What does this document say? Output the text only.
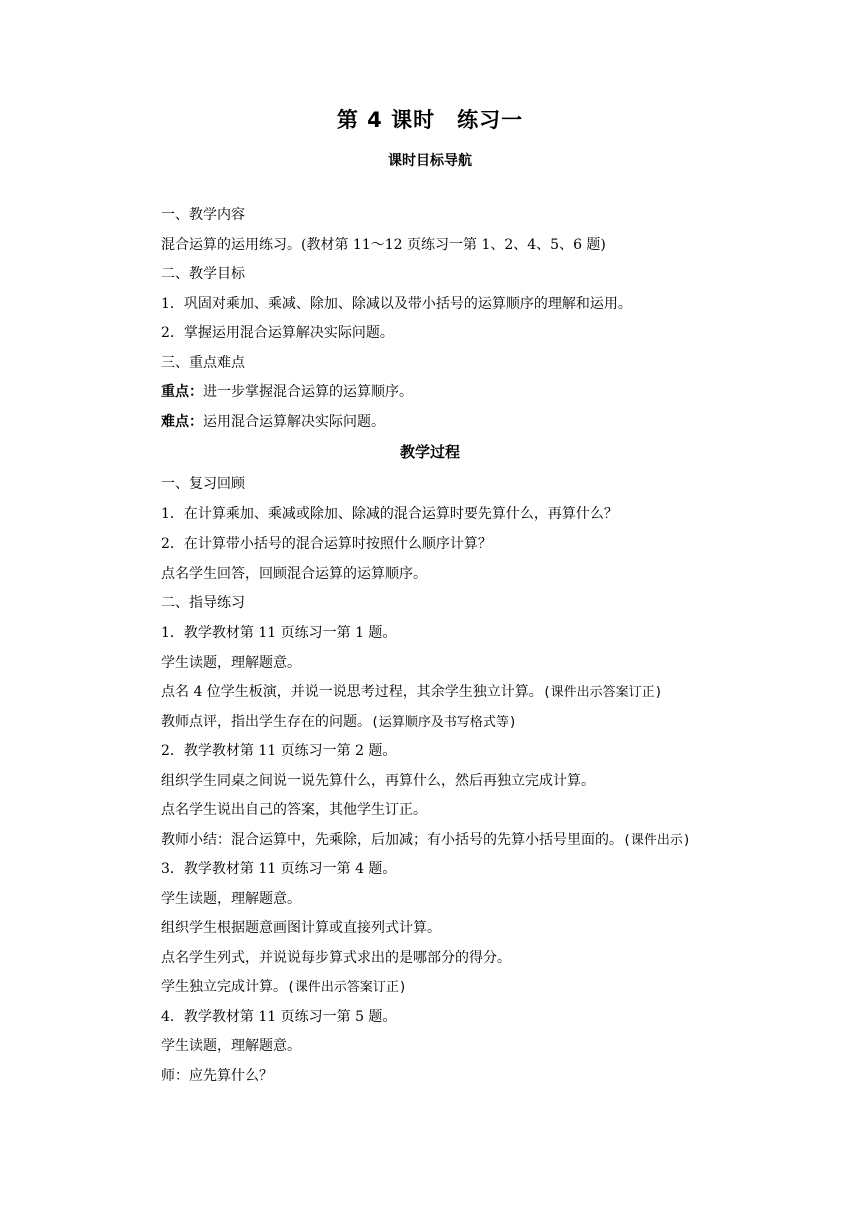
第 4 课时　练习一
课时目标导航
一、教学内容
混合运算的运用练习。(教材第 11～12 页练习一第 1、2、4、5、6 题)
二、教学目标
1．巩固对乘加、乘减、除加、除减以及带小括号的运算顺序的理解和运用。
2．掌握运用混合运算解决实际问题。
三、重点难点
重点：进一步掌握混合运算的运算顺序。
难点：运用混合运算解决实际问题。
教学过程
一、复习回顾
1．在计算乘加、乘减或除加、除减的混合运算时要先算什么，再算什么？
2．在计算带小括号的混合运算时按照什么顺序计算？
点名学生回答，回顾混合运算的运算顺序。
二、指导练习
1．教学教材第 11 页练习一第 1 题。
学生读题，理解题意。
点名 4 位学生板演，并说一说思考过程，其余学生独立计算。(课件出示答案订正)
教师点评，指出学生存在的问题。(运算顺序及书写格式等)
2．教学教材第 11 页练习一第 2 题。
组织学生同桌之间说一说先算什么，再算什么，然后再独立完成计算。
点名学生说出自己的答案，其他学生订正。
教师小结：混合运算中，先乘除，后加减；有小括号的先算小括号里面的。(课件出示)
3．教学教材第 11 页练习一第 4 题。
学生读题，理解题意。
组织学生根据题意画图计算或直接列式计算。
点名学生列式，并说说每步算式求出的是哪部分的得分。
学生独立完成计算。(课件出示答案订正)
4．教学教材第 11 页练习一第 5 题。
学生读题，理解题意。
师：应先算什么？
